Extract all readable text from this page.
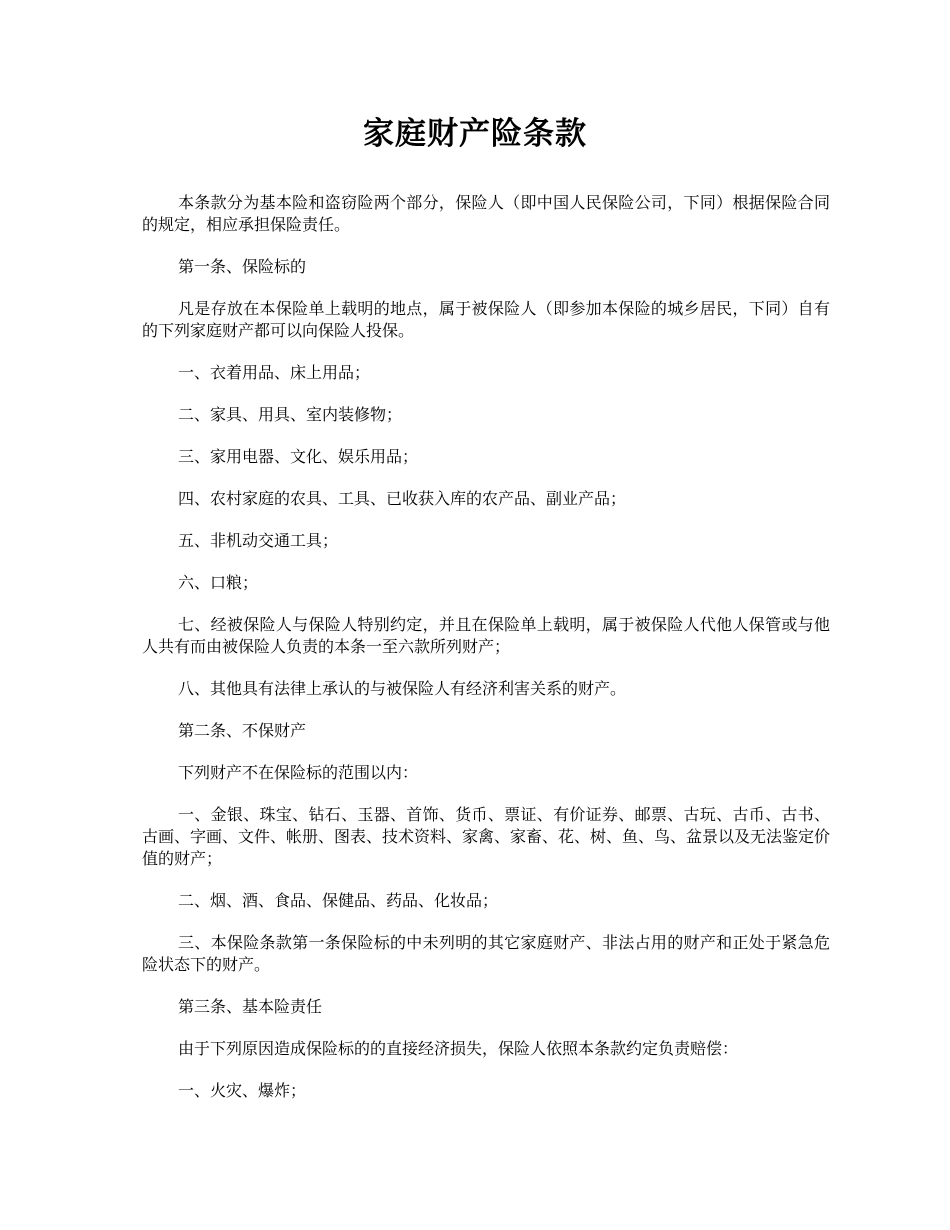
家庭财产险条款

本条款分为基本险和盗窃险两个部分，保险人（即中国人民保险公司，下同）根据保险合同的规定，相应承担保险责任。

第一条、保险标的

凡是存放在本保险单上载明的地点，属于被保险人（即参加本保险的城乡居民，下同）自有的下列家庭财产都可以向保险人投保。

一、衣着用品、床上用品；

二、家具、用具、室内装修物；

三、家用电器、文化、娱乐用品；

四、农村家庭的农具、工具、已收获入库的农产品、副业产品；

五、非机动交通工具；

六、口粮；

七、经被保险人与保险人特别约定，并且在保险单上载明，属于被保险人代他人保管或与他人共有而由被保险人负责的本条一至六款所列财产；

八、其他具有法律上承认的与被保险人有经济利害关系的财产。

第二条、不保财产

下列财产不在保险标的范围以内：

一、金银、珠宝、钻石、玉器、首饰、货币、票证、有价证券、邮票、古玩、古币、古书、古画、字画、文件、帐册、图表、技术资料、家禽、家畜、花、树、鱼、鸟、盆景以及无法鉴定价值的财产；

二、烟、酒、食品、保健品、药品、化妆品；

三、本保险条款第一条保险标的中未列明的其它家庭财产、非法占用的财产和正处于紧急危险状态下的财产。

第三条、基本险责任

由于下列原因造成保险标的的直接经济损失，保险人依照本条款约定负责赔偿：

一、火灾、爆炸；
